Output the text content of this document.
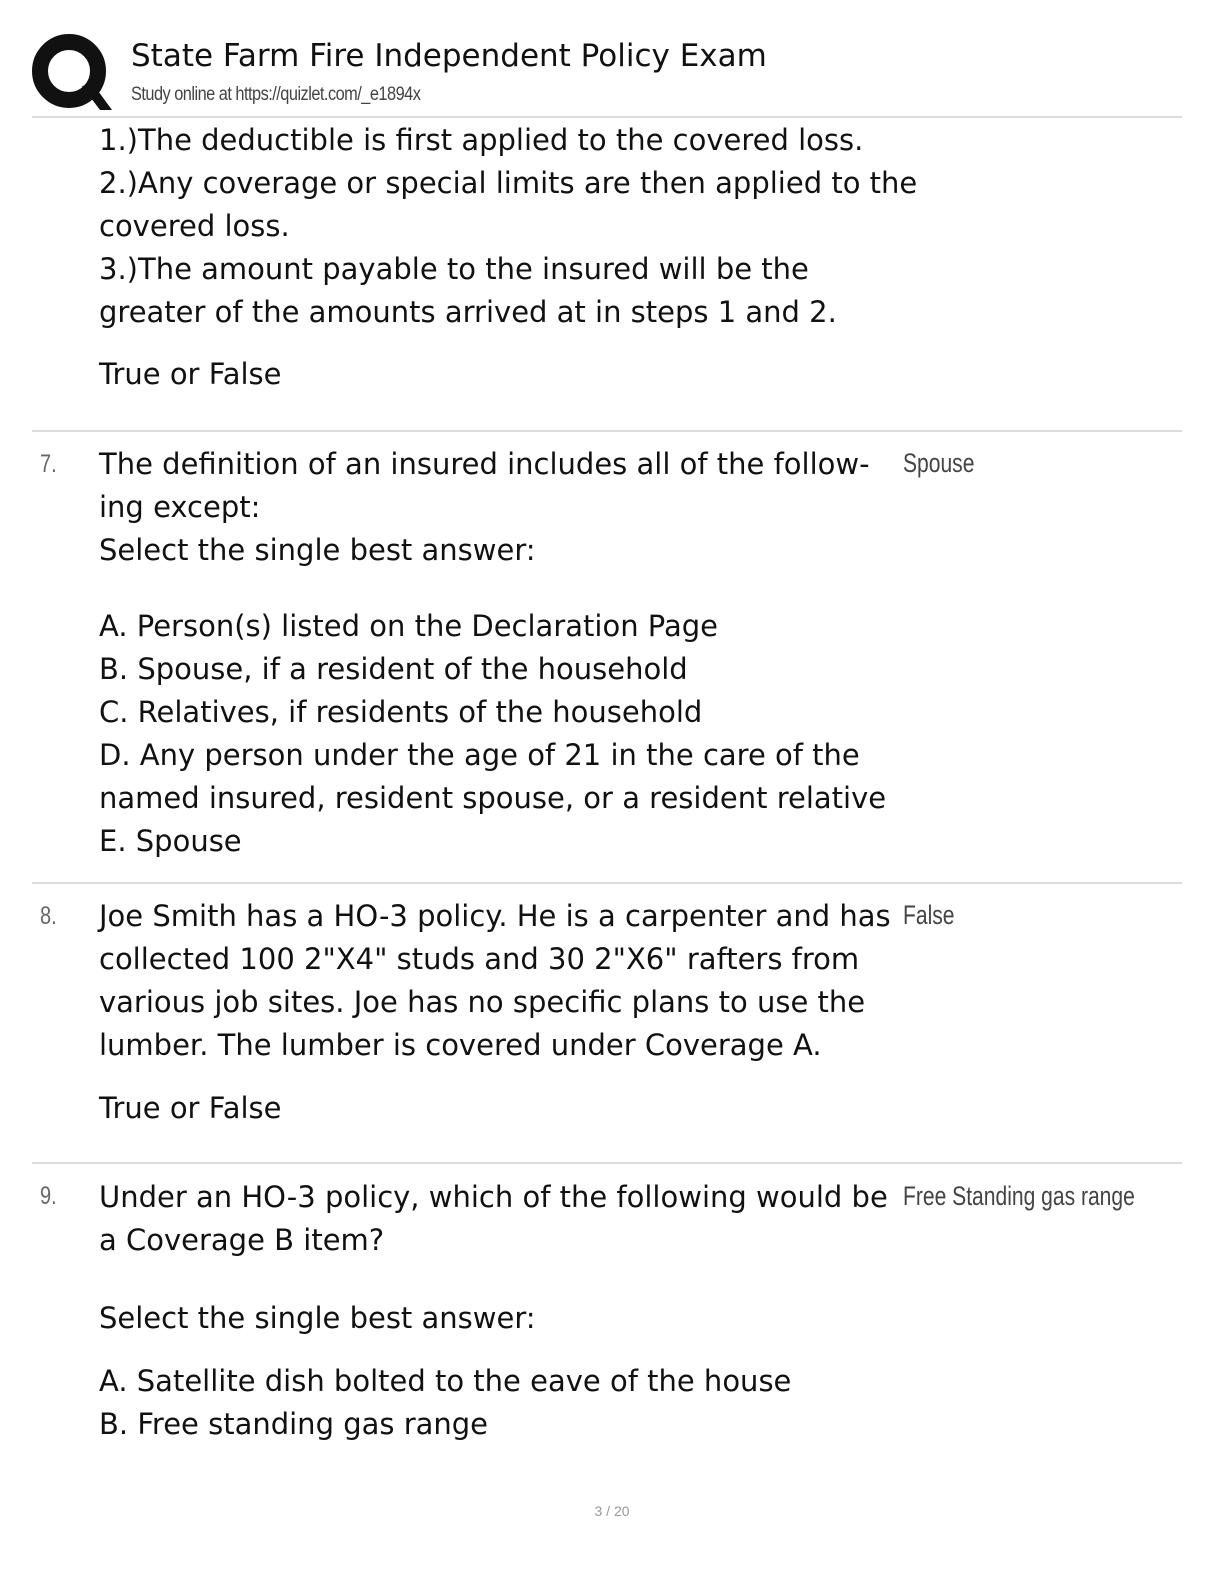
State Farm Fire Independent Policy Exam
Study online at https://quizlet.com/_e1894x
1.)The deductible is first applied to the covered loss.
2.)Any coverage or special limits are then applied to the
covered loss.
3.)The amount payable to the insured will be the
greater of the amounts arrived at in steps 1 and 2.
True or False
7. The definition of an insured includes all of the follow-
ing except:
Select the single best answer:
A. Person(s) listed on the Declaration Page
B. Spouse, if a resident of the household
C. Relatives, if residents of the household
D. Any person under the age of 21 in the care of the
named insured, resident spouse, or a resident relative
E. Spouse
Spouse
8. Joe Smith has a HO-3 policy. He is a carpenter and has
collected 100 2"X4" studs and 30 2"X6" rafters from
various job sites. Joe has no specific plans to use the
lumber. The lumber is covered under Coverage A.
True or False
False
9. Under an HO-3 policy, which of the following would be
a Coverage B item?
Select the single best answer:
A. Satellite dish bolted to the eave of the house
B. Free standing gas range
Free Standing gas range
3 / 20
